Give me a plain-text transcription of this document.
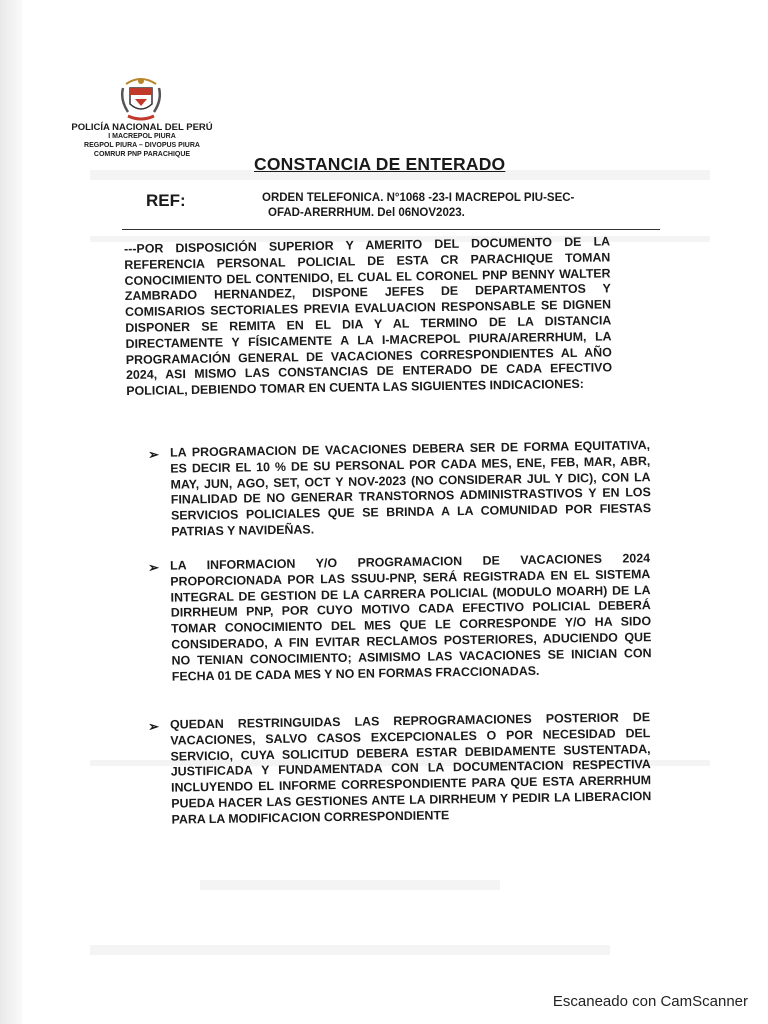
POLICÍA NACIONAL DEL PERÚ
I MACREPOL PIURA
REGPOL PIURA – DIVOPUS PIURA
COMRUR PNP PARACHIQUE	CONSTANCIA DE ENTERADO
REF:	ORDEN TELEFONICA. N°1068 -23-I MACREPOL PIU-SEC-
OFAD-ARERRHUM. Del 06NOV2023.
---POR DISPOSICIÓN SUPERIOR Y AMERITO DEL DOCUMENTO DE LA REFERENCIA PERSONAL POLICIAL DE ESTA CR PARACHIQUE TOMAN CONOCIMIENTO DEL CONTENIDO, EL CUAL EL CORONEL PNP BENNY WALTER ZAMBRADO HERNANDEZ, DISPONE JEFES DE DEPARTAMENTOS Y COMISARIOS SECTORIALES PREVIA EVALUACION RESPONSABLE SE DIGNEN DISPONER SE REMITA EN EL DIA Y AL TERMINO DE LA DISTANCIA DIRECTAMENTE Y FÍSICAMENTE A LA I-MACREPOL PIURA/ARERRHUM, LA PROGRAMACIÓN GENERAL DE VACACIONES CORRESPONDIENTES AL AÑO 2024, ASI MISMO LAS CONSTANCIAS DE ENTERADO DE CADA EFECTIVO POLICIAL, DEBIENDO TOMAR EN CUENTA LAS SIGUIENTES INDICACIONES:
➢ LA PROGRAMACION DE VACACIONES DEBERA SER DE FORMA EQUITATIVA, ES DECIR EL 10 % DE SU PERSONAL POR CADA MES, ENE, FEB, MAR, ABR, MAY, JUN, AGO, SET, OCT Y NOV-2023 (NO CONSIDERAR JUL Y DIC), CON LA FINALIDAD DE NO GENERAR TRANSTORNOS ADMINISTRASTIVOS Y EN LOS SERVICIOS POLICIALES QUE SE BRINDA A LA COMUNIDAD POR FIESTAS PATRIAS Y NAVIDEÑAS.
➢ LA INFORMACION Y/O PROGRAMACION DE VACACIONES 2024 PROPORCIONADA POR LAS SSUU-PNP, SERÁ REGISTRADA EN EL SISTEMA INTEGRAL DE GESTION DE LA CARRERA POLICIAL (MODULO MOARH) DE LA DIRRHEUM PNP, POR CUYO MOTIVO CADA EFECTIVO POLICIAL DEBERÁ TOMAR CONOCIMIENTO DEL MES QUE LE CORRESPONDE Y/O HA SIDO CONSIDERADO, A FIN EVITAR RECLAMOS POSTERIORES, ADUCIENDO QUE NO TENIAN CONOCIMIENTO; ASIMISMO LAS VACACIONES SE INICIAN CON FECHA 01 DE CADA MES Y NO EN FORMAS FRACCIONADAS.
➢ QUEDAN RESTRINGUIDAS LAS REPROGRAMACIONES POSTERIOR DE VACACIONES, SALVO CASOS EXCEPCIONALES O POR NECESIDAD DEL SERVICIO, CUYA SOLICITUD DEBERA ESTAR DEBIDAMENTE SUSTENTADA, JUSTIFICADA Y FUNDAMENTADA CON LA DOCUMENTACION RESPECTIVA INCLUYENDO EL INFORME CORRESPONDIENTE PARA QUE ESTA ARERRHUM PUEDA HACER LAS GESTIONES ANTE LA DIRRHEUM Y PEDIR LA LIBERACION PARA LA MODIFICACION CORRESPONDIENTE
Escaneado con CamScanner
